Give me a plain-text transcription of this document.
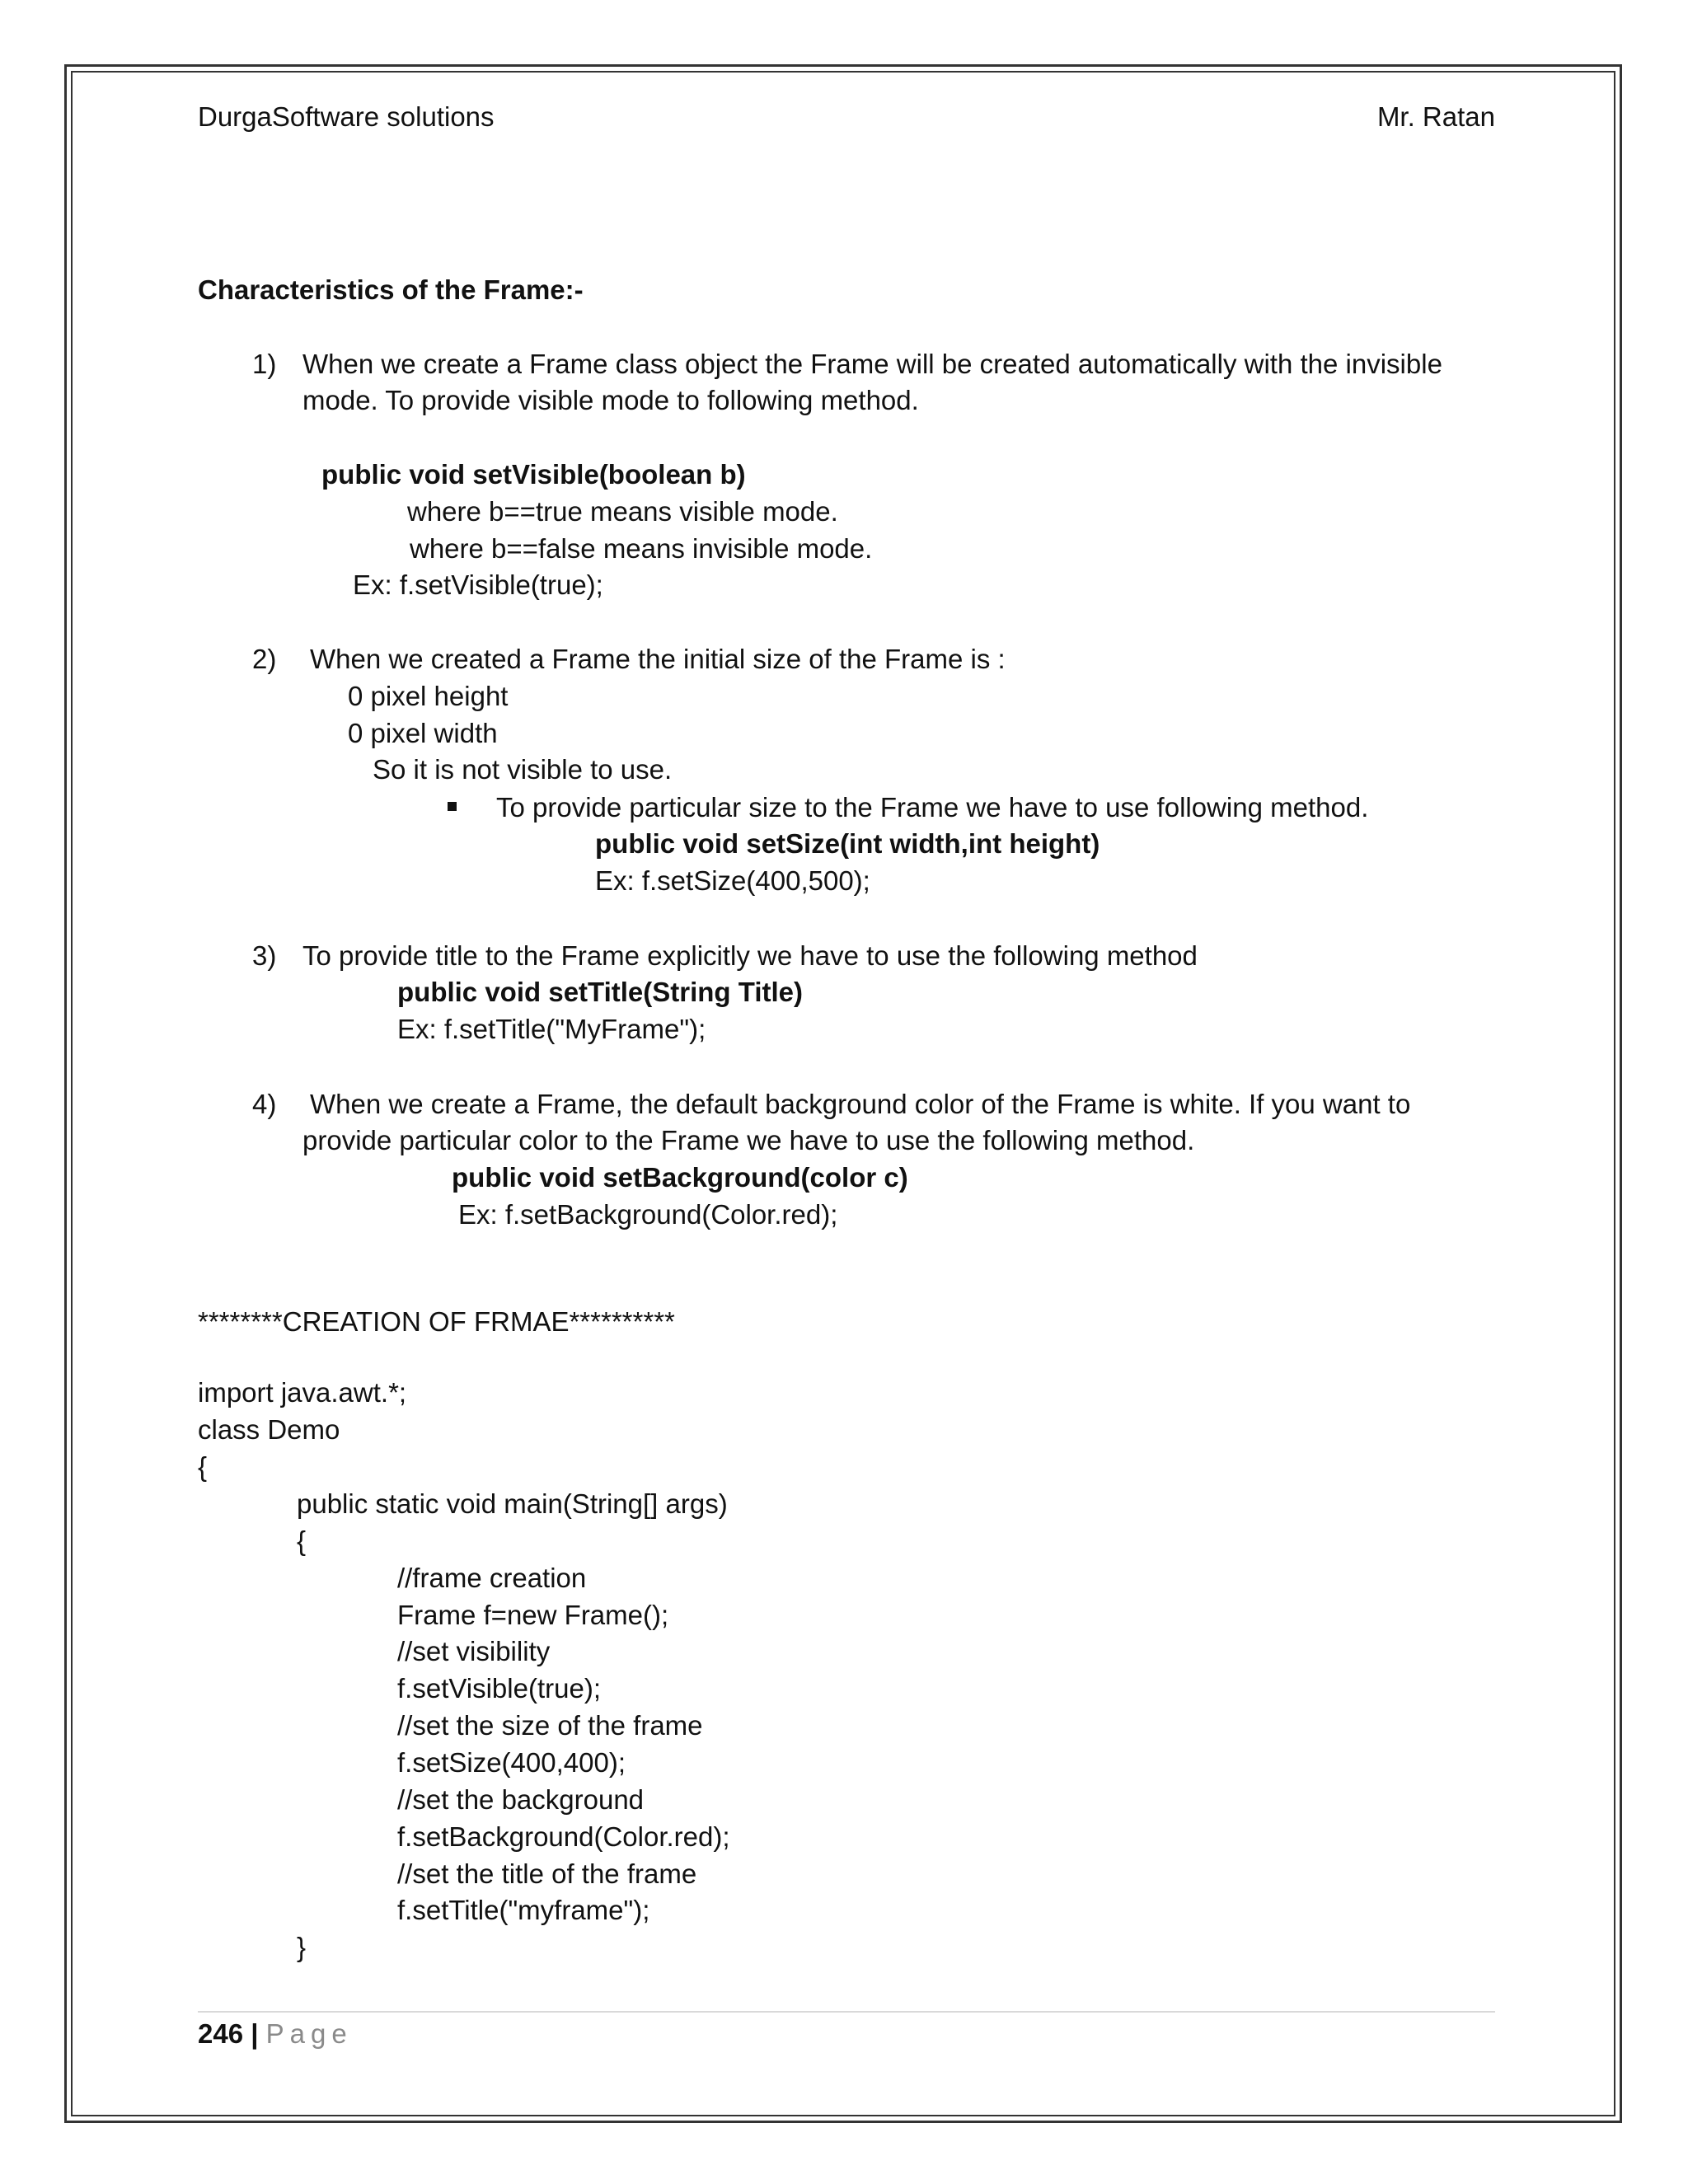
DurgaSoftware solutions	Mr. Ratan
Characteristics of the Frame:-
1) When we create a Frame class object the Frame will be created automatically with the invisible
mode. To provide visible mode to following method.
public void setVisible(boolean b)
where b==true means visible mode.
where b==false means invisible mode.
Ex: f.setVisible(true);
2) When we created a Frame the initial size of the Frame is :
0 pixel height
0 pixel width
So it is not visible to use.
To provide particular size to the Frame we have to use following method.
public void setSize(int width,int height)
Ex: f.setSize(400,500);
3) To provide title to the Frame explicitly we have to use the following method
public void setTitle(String Title)
Ex: f.setTitle("MyFrame");
4) When we create a Frame, the default background color of the Frame is white. If you want to
provide particular color to the Frame we have to use the following method.
public void setBackground(color c)
Ex: f.setBackground(Color.red);
********CREATION OF FRMAE**********
import java.awt.*;
class Demo
{
public static void main(String[] args)
{
//frame creation
Frame f=new Frame();
//set visibility
f.setVisible(true);
//set the size of the frame
f.setSize(400,400);
//set the background
f.setBackground(Color.red);
//set the title of the frame
f.setTitle("myframe");
}
246 | Page
